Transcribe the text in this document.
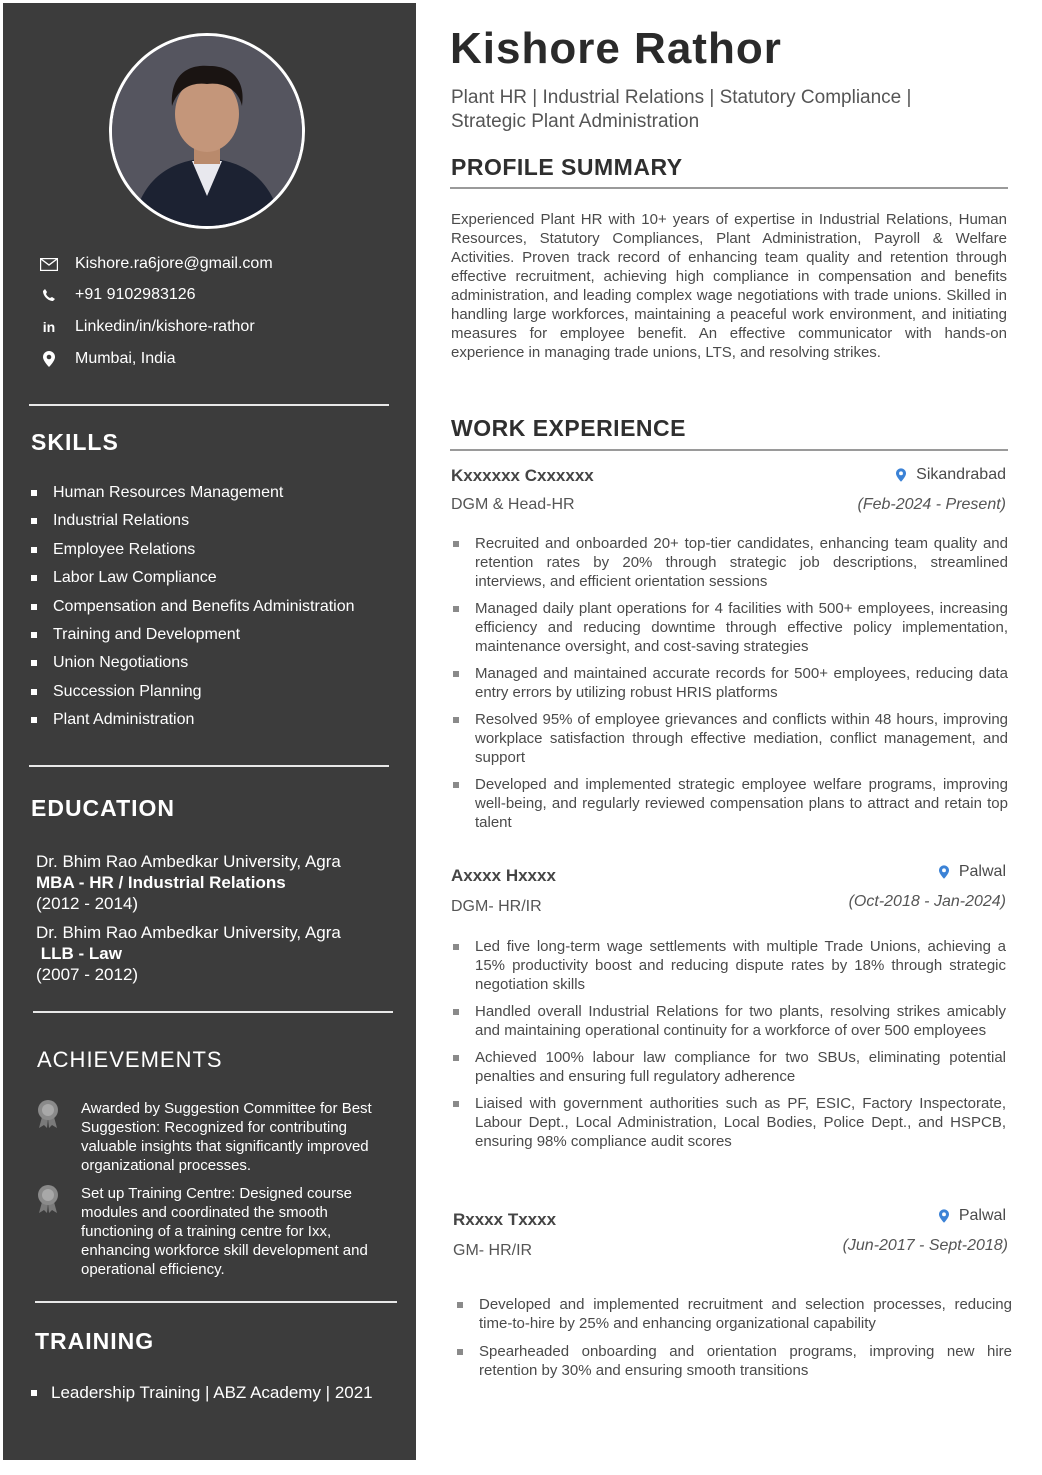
Kishore.ra6jore@gmail.com
+91 9102983126
in Linkedin/in/kishore-rathor
Mumbai, India
SKILLS
Human Resources Management
Industrial Relations
Employee Relations
Labor Law Compliance
Compensation and Benefits Administration
Training and Development
Union Negotiations
Succession Planning
Plant Administration
EDUCATION
Dr. Bhim Rao Ambedkar University, Agra
MBA - HR / Industrial Relations
(2012 - 2014)
Dr. Bhim Rao Ambedkar University, Agra
LLB - Law
(2007 - 2012)
ACHIEVEMENTS
Awarded by Suggestion Committee for Best Suggestion: Recognized for contributing valuable insights that significantly improved organizational processes.
Set up Training Centre: Designed course modules and coordinated the smooth functioning of a training centre for Ixx, enhancing workforce skill development and operational efficiency.
TRAINING
Leadership Training | ABZ Academy | 2021
Kishore Rathor

Plant HR | Industrial Relations | Statutory Compliance | Strategic Plant Administration

PROFILE SUMMARY

Experienced Plant HR with 10+ years of expertise in Industrial Relations, Human Resources, Statutory Compliances, Plant Administration, Payroll & Welfare Activities. Proven track record of enhancing team quality and retention through effective recruitment, achieving high compliance in compensation and benefits administration, and leading complex wage negotiations with trade unions. Skilled in handling large workforces, maintaining a peaceful work environment, and initiating measures for employee benefit. An effective communicator with hands-on experience in managing trade unions, LTS, and resolving strikes.

WORK EXPERIENCE
Kxxxxxx Cxxxxxx	Sikandrabad
DGM & Head-HR	(Feb-2024 - Present)
Recruited and onboarded 20+ top-tier candidates, enhancing team quality and retention rates by 20% through strategic job descriptions, streamlined interviews, and efficient orientation sessions
Managed daily plant operations for 4 facilities with 500+ employees, increasing efficiency and reducing downtime through effective policy implementation, maintenance oversight, and cost-saving strategies
Managed and maintained accurate records for 500+ employees, reducing data entry errors by utilizing robust HRIS platforms
Resolved 95% of employee grievances and conflicts within 48 hours, improving workplace satisfaction through effective mediation, conflict management, and support
Developed and implemented strategic employee welfare programs, improving well-being, and regularly reviewed compensation plans to attract and retain top talent
Axxxx Hxxxx	Palwal
DGM- HR/IR	(Oct-2018 - Jan-2024)
Led five long-term wage settlements with multiple Trade Unions, achieving a 15% productivity boost and reducing dispute rates by 18% through strategic negotiation skills
Handled overall Industrial Relations for two plants, resolving strikes amicably and maintaining operational continuity for a workforce of over 500 employees
Achieved 100% labour law compliance for two SBUs, eliminating potential penalties and ensuring full regulatory adherence
Liaised with government authorities such as PF, ESIC, Factory Inspectorate, Labour Dept., Local Administration, Local Bodies, Police Dept., and HSPCB, ensuring 98% compliance audit scores
Rxxxx Txxxx	Palwal
GM- HR/IR	(Jun-2017 - Sept-2018)
Developed and implemented recruitment and selection processes, reducing time-to-hire by 25% and enhancing organizational capability
Spearheaded onboarding and orientation programs, improving new hire retention by 30% and ensuring smooth transitions
